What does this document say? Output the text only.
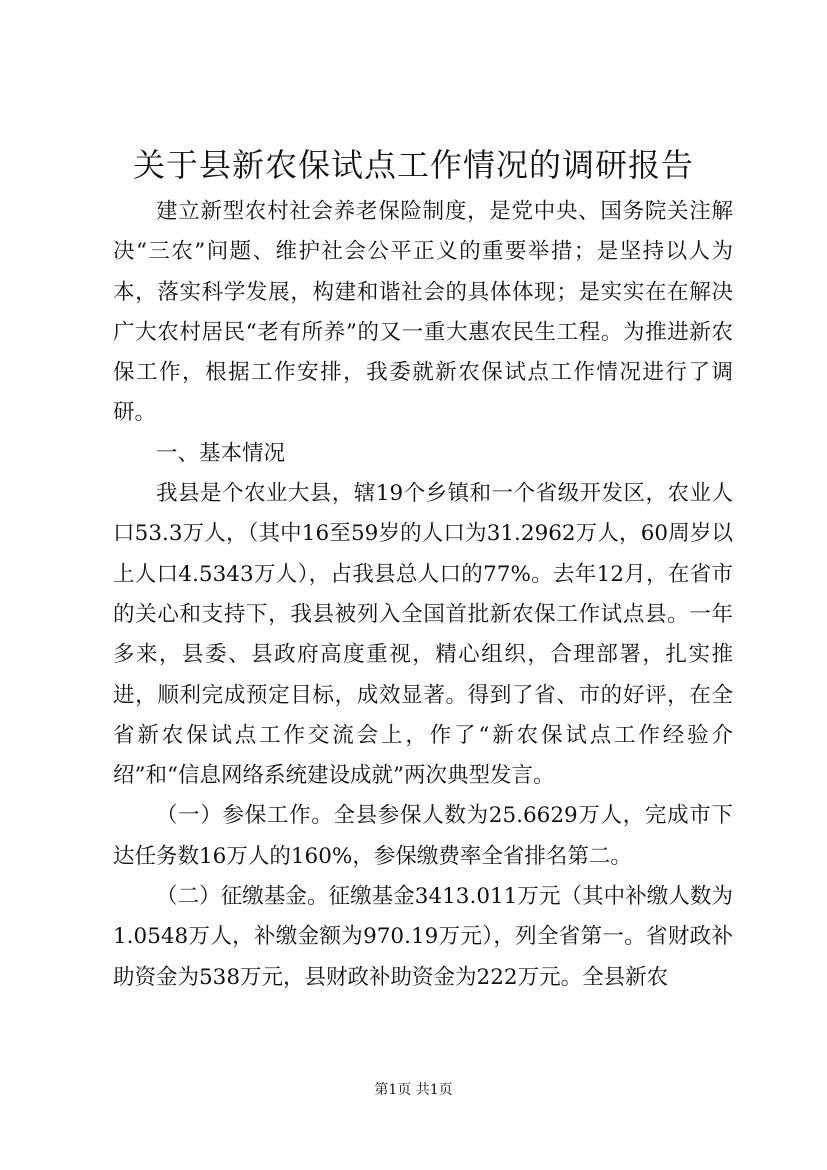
关于县新农保试点工作情况的调研报告

建立新型农村社会养老保险制度，是党中央、国务院关注解决“三农”问题、维护社会公平正义的重要举措；是坚持以人为本，落实科学发展，构建和谐社会的具体体现；是实实在在解决广大农村居民“老有所养”的又一重大惠农民生工程。为推进新农保工作，根据工作安排，我委就新农保试点工作情况进行了调研。

一、基本情况

我县是个农业大县，辖19个乡镇和一个省级开发区，农业人口53.3万人，（其中16至59岁的人口为31.2962万人，60周岁以上人口4.5343万人），占我县总人口的77%。去年12月，在省市的关心和支持下，我县被列入全国首批新农保工作试点县。一年多来，县委、县政府高度重视，精心组织，合理部署，扎实推进，顺利完成预定目标，成效显著。得到了省、市的好评，在全省新农保试点工作交流会上，作了“新农保试点工作经验介绍”和“信息网络系统建设成就”两次典型发言。

（一）参保工作。全县参保人数为25.6629万人，完成市下达任务数16万人的160%，参保缴费率全省排名第二。

（二）征缴基金。征缴基金3413.011万元（其中补缴人数为1.0548万人，补缴金额为970.19万元），列全省第一。省财政补助资金为538万元，县财政补助资金为222万元。全县新农

第1页 共1页
